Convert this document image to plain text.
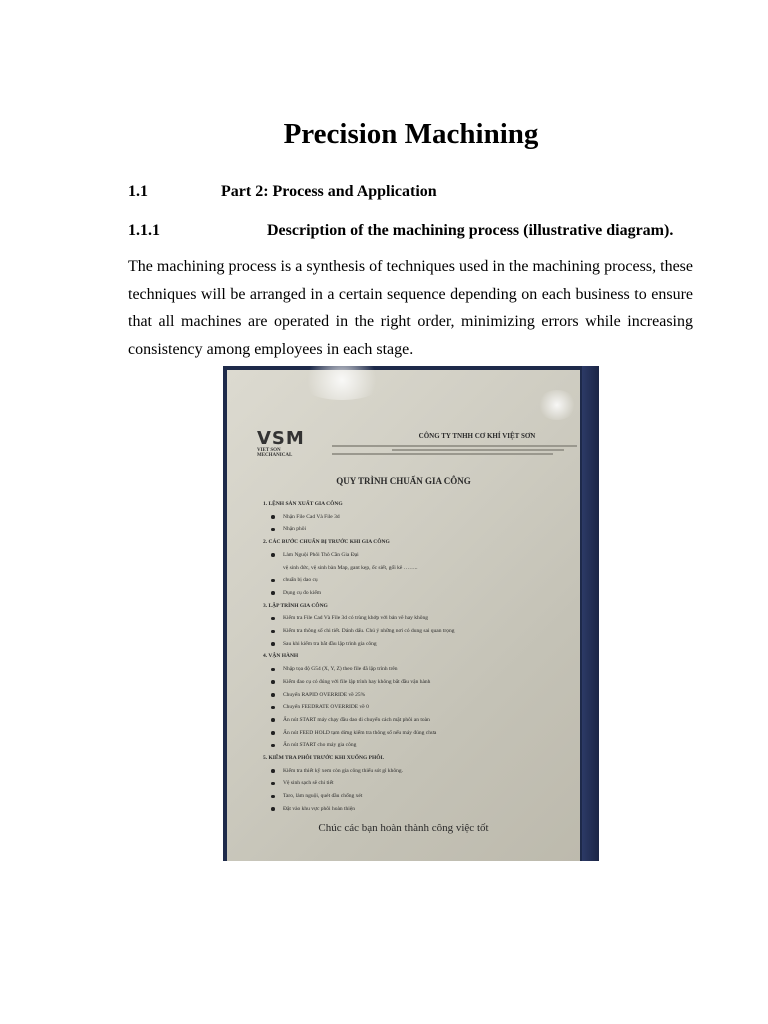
Precision Machining
1.1	Part 2: Process and Application
1.1.1	Description of the machining process (illustrative diagram).

The machining process is a synthesis of techniques used in the machining process, these techniques will be arranged in a certain sequence depending on each business to ensure that all machines are operated in the right order, minimizing errors while increasing consistency among employees in each stage.

VSM
VIET SON MECHANICAL
CÔNG TY TNHH CƠ KHÍ VIỆT SƠN
QUY TRÌNH CHUẨN GIA CÔNG
1. LỆNH SẢN XUẤT GIA CÔNG
Nhận File Cad Và File 3d
Nhận phôi
2. CÁC BƯỚC CHUẨN BỊ TRƯỚC KHI GIA CÔNG
Làm Nguội Phôi Thô Cần Gia Đại
vệ sinh đức, vệ sinh bàn Map, gant kẹp, ốc siết, gối kê ……..
chuẩn bị dao cụ
Dụng cụ đo kiểm
3. LẬP TRÌNH GIA CÔNG
Kiểm tra File Cad Và File 3d có trùng khớp với bản vẽ hay không
Kiểm tra thông số chi tiết. Dánh dấu. Chú ý những nơi có dung sai quan trọng
Sau khi kiểm tra bắt đầu lập trình gia công
4. VẬN HÀNH
Nhập tọa độ G54 (X, Y, Z) theo file đã lập trình trên
Kiểm đao cụ có đúng với file lập trình hay không bắt đầu vận hành
Chuyển RAPID OVERRIDE về 25%
Chuyển FEEDRATE OVERRIDE về 0
Ấn nút START máy chạy đầu dao di chuyển cách mặt phôi an toàn
Ấn nút FEED HOLD tạm dừng kiểm tra thông số nếu máy đúng chưa
Ấn nút START cho máy gia công
5. KIỂM TRA PHÔI TRƯỚC KHI XUỐNG PHÔI.
Kiểm tra thiết kỹ xem còn gia công thiếu sót gì không.
Vệ sinh sạch sẽ chi tiết
Taro, làm nguội, quét dầu chống xét
Đặt vào khu vực phôi hoàn thiện
Chúc các bạn hoàn thành công việc tốt
